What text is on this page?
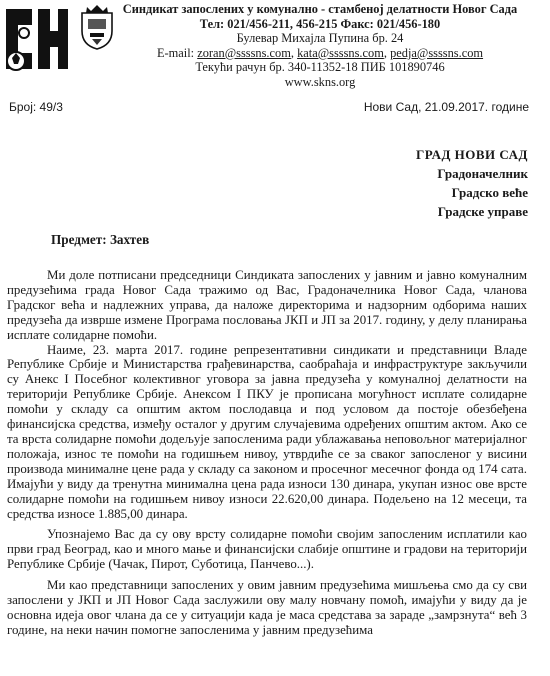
Синдикат запослених у комунално - стамбеној делатности Новог Сада
Тел: 021/456-211, 456-215 Факс: 021/456-180
Булевар Михајла Пупина бр. 24
E-mail: zoran@ssssns.com, kata@ssssns.com, pedja@ssssns.com
Текући рачун бр. 340-11352-18 ПИБ 101890746
www.skns.org
Број: 49/3	Нови Сад, 21.09.2017. године
ГРАД НОВИ САД
Градоначелник
Градско веће
Градске управе
Предмет: Захтев

Ми доле потписани председници Синдиката запослених у јавним и јавно комуналним предузећима града Новог Сада тражимо од Вас, Градоначелника Новог Сада, чланова Градског већа и надлежних управа, да наложе директорима и надзорним одборима наших предузећа да изврше измене Програма пословања ЈКП и ЈП за 2017. годину, у делу планирања исплате солидарне помоћи.

Наиме, 23. марта 2017. године репрезентативни синдикати и представници Владе Републике Србије и Министарства грађевинарства, саобраћаја и инфраструктуре закључили су Анекс I Посебног колективног уговора за јавна предузећа у комуналној делатности на територији Републике Србије. Анексом I ПКУ је прописана могућност исплате солидарне помоћи у складу са општим актом послодавца и под условом да постоје обезбеђена финансијска средства, између осталог у другим случајевима одређених општим актом. Ако се та врста солидарне помоћи додељује запосленима ради ублажавања неповољног материјалног положаја, износ те помоћи на годишњем нивоу, утврдиће се за сваког запосленог у висини производа минималне цене рада у складу са законом и просечног месечног фонда од 174 сата. Имајући у виду да тренутна минимална цена рада износи 130 динара, укупан износ ове врсте солидарне помоћи на годишњем нивоу износи 22.620,00 динара. Подељено на 12 месеци, та средства износе 1.885,00 динара.

Упознајемо Вас да су ову врсту солидарне помоћи својим запосленим исплатили као први град Београд, као и много мање и финансијски слабије општине и градови на територији Републике Србије (Чачак, Пирот, Суботица, Панчево...).

Ми као представници запослених у овим јавним предузећима мишљења смо да су сви запослени у ЈКП и ЈП Новог Сада заслужили ову малу новчану помоћ, имајући у виду да је основна идеја овог члана да се у ситуацији када је маса средстава за зараде „замрзнута“ већ 3 године, на неки начин помогне запосленима у јавним предузећима
